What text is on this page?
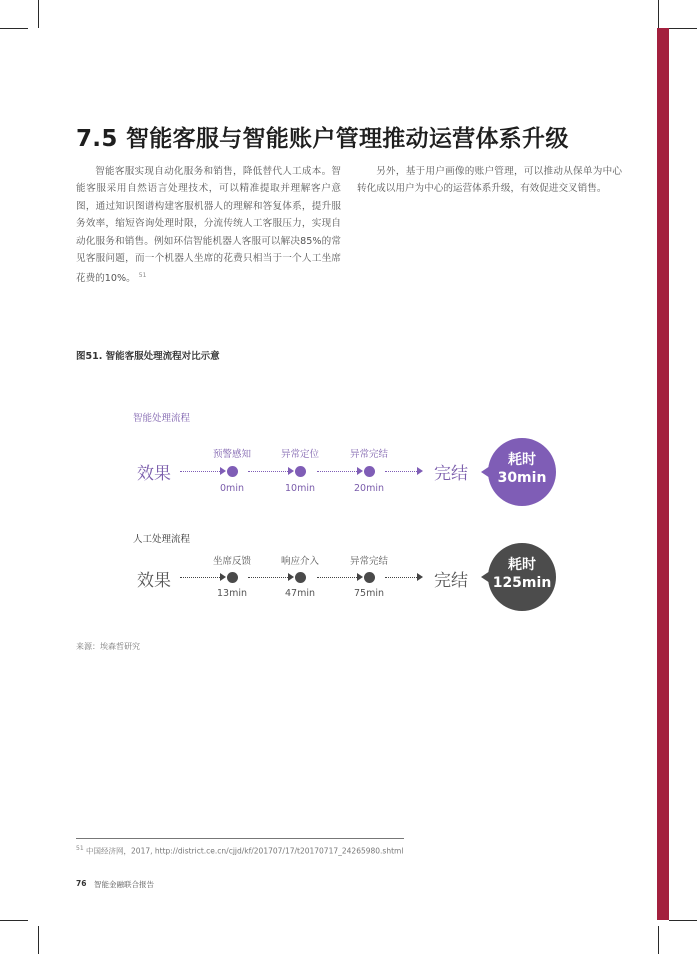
7.5 智能客服与智能账户管理推动运营体系升级

智能客服实现自动化服务和销售，降低替代人工成本。智能客服采用自然语言处理技术，可以精准提取并理解客户意图，通过知识图谱构建客服机器人的理解和答复体系，提升服务效率，缩短咨询处理时限，分流传统人工客服压力，实现自动化服务和销售。例如环信智能机器人客服可以解决85%的常见客服问题，而一个机器人坐席的花费只相当于一个人工坐席花费的10%。 $^{51}$

另外，基于用户画像的账户管理，可以推动从保单为中心转化成以用户为中心的运营体系升级，有效促进交叉销售。

图51. 智能客服处理流程对比示意
智能处理流程
效果
预警感知	异常定位	异常完结
0min	10min	20min
完结
耗时
30min
人工处理流程
效果
坐席反馈	响应介入	异常完结
13min	47min	75min
完结
耗时
125min
来源：埃森哲研究
$^{51}$ 中国经济网，2017, http://district.ce.cn/cjjd/kf/201707/17/t20170717_24265980.shtml
76 智能金融联合报告
